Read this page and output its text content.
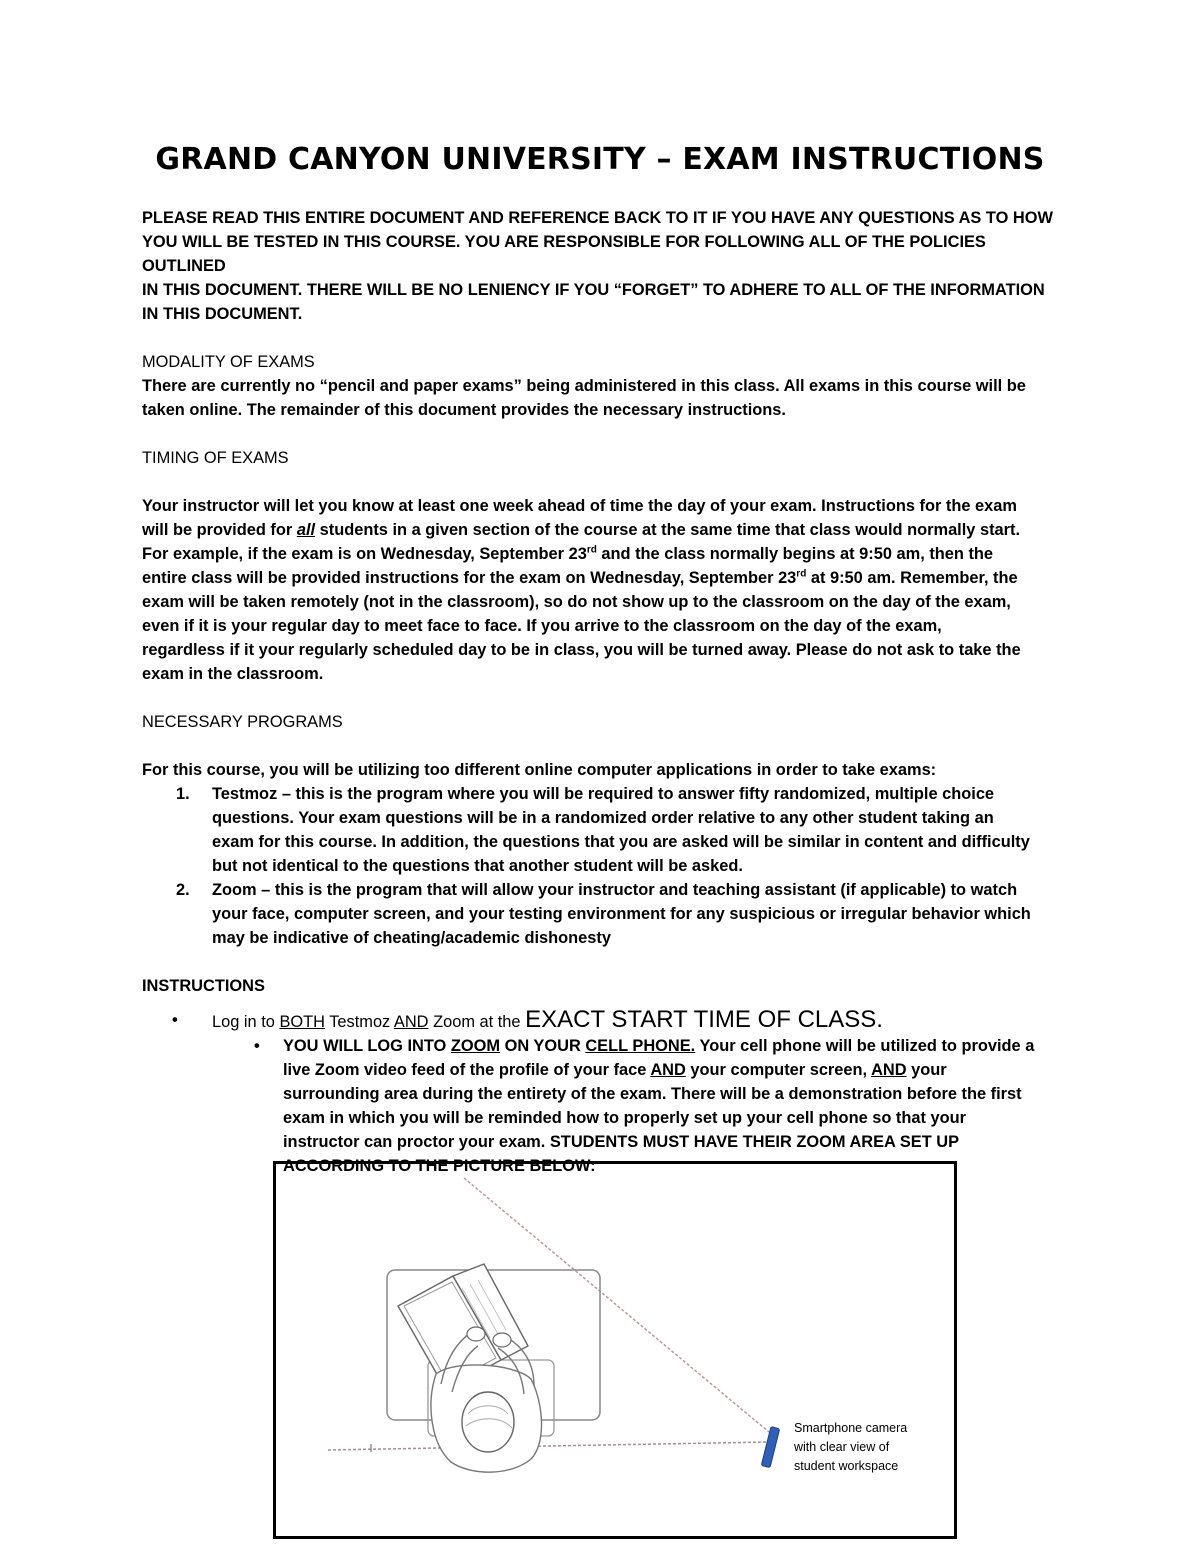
GRAND CANYON UNIVERSITY – EXAM INSTRUCTIONS

PLEASE READ THIS ENTIRE DOCUMENT AND REFERENCE BACK TO IT IF YOU HAVE ANY QUESTIONS AS TO HOW

YOU WILL BE TESTED IN THIS COURSE. YOU ARE RESPONSIBLE FOR FOLLOWING ALL OF THE POLICIES OUTLINED

IN THIS DOCUMENT. THERE WILL BE NO LENIENCY IF YOU “FORGET” TO ADHERE TO ALL OF THE INFORMATION

IN THIS DOCUMENT.

MODALITY OF EXAMS

There are currently no “pencil and paper exams” being administered in this class. All exams in this course will be

taken online. The remainder of this document provides the necessary instructions.

TIMING OF EXAMS

Your instructor will let you know at least one week ahead of time the day of your exam. Instructions for the exam

will be provided for all students in a given section of the course at the same time that class would normally start.

For example, if the exam is on Wednesday, September 23rd and the class normally begins at 9:50 am, then the

entire class will be provided instructions for the exam on Wednesday, September 23rd at 9:50 am. Remember, the

exam will be taken remotely (not in the classroom), so do not show up to the classroom on the day of the exam,

even if it is your regular day to meet face to face. If you arrive to the classroom on the day of the exam,

regardless if it your regularly scheduled day to be in class, you will be turned away. Please do not ask to take the

exam in the classroom.

NECESSARY PROGRAMS

For this course, you will be utilizing too different online computer applications in order to take exams:

1. Testmoz – this is the program where you will be required to answer fifty randomized, multiple choice

questions. Your exam questions will be in a randomized order relative to any other student taking an

exam for this course. In addition, the questions that you are asked will be similar in content and difficulty

but not identical to the questions that another student will be asked.

2. Zoom – this is the program that will allow your instructor and teaching assistant (if applicable) to watch

your face, computer screen, and your testing environment for any suspicious or irregular behavior which

may be indicative of cheating/academic dishonesty

INSTRUCTIONS

• Log in to BOTH Testmoz AND Zoom at the EXACT START TIME OF CLASS.
• YOU WILL LOG INTO ZOOM ON YOUR CELL PHONE. Your cell phone will be utilized to provide a

live Zoom video feed of the profile of your face AND your computer screen, AND your

surrounding area during the entirety of the exam. There will be a demonstration before the first

exam in which you will be reminded how to properly set up your cell phone so that your

instructor can proctor your exam. STUDENTS MUST HAVE THEIR ZOOM AREA SET UP

ACCORDING TO THE PICTURE BELOW:

Smartphone camera
with clear view of
student workspace
